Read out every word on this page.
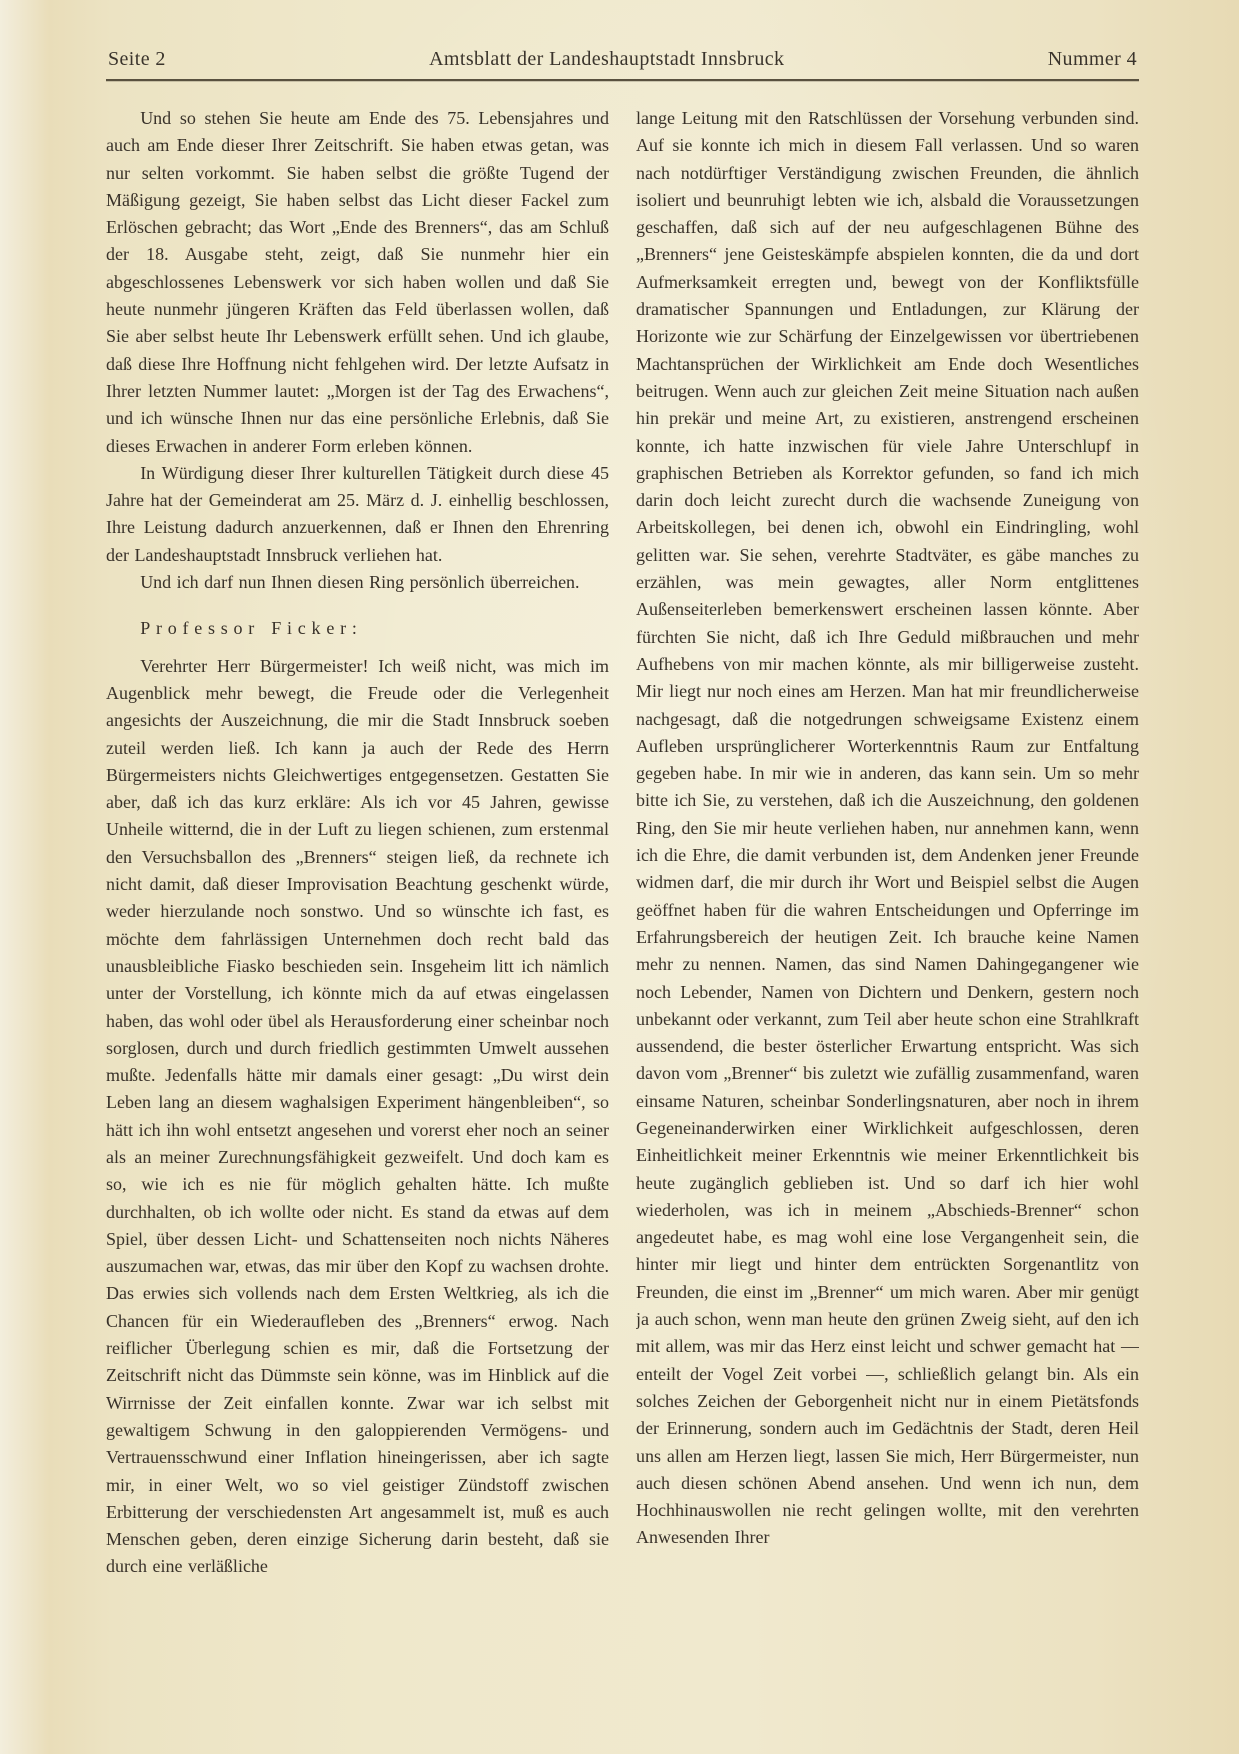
Seite 2	Amtsblatt der Landeshauptstadt Innsbruck	Nummer 4

Und so stehen Sie heute am Ende des 75. Lebensjahres und auch am Ende dieser Ihrer Zeitschrift. Sie haben etwas getan, was nur selten vorkommt. Sie haben selbst die größte Tugend der Mäßigung gezeigt, Sie haben selbst das Licht dieser Fackel zum Erlöschen gebracht; das Wort „Ende des Brenners“, das am Schluß der 18. Ausgabe steht, zeigt, daß Sie nunmehr hier ein abgeschlossenes Lebenswerk vor sich haben wollen und daß Sie heute nunmehr jüngeren Kräften das Feld überlassen wollen, daß Sie aber selbst heute Ihr Lebenswerk erfüllt sehen. Und ich glaube, daß diese Ihre Hoffnung nicht fehlgehen wird. Der letzte Aufsatz in Ihrer letzten Nummer lautet: „Morgen ist der Tag des Erwachens“, und ich wünsche Ihnen nur das eine persönliche Erlebnis, daß Sie dieses Erwachen in anderer Form erleben können.

In Würdigung dieser Ihrer kulturellen Tätigkeit durch diese 45 Jahre hat der Gemeinderat am 25. März d. J. einhellig beschlossen, Ihre Leistung dadurch anzuerkennen, daß er Ihnen den Ehrenring der Landeshauptstadt Innsbruck verliehen hat.

Und ich darf nun Ihnen diesen Ring persönlich überreichen.

Professor Ficker:

Verehrter Herr Bürgermeister! Ich weiß nicht, was mich im Augenblick mehr bewegt, die Freude oder die Verlegenheit angesichts der Auszeichnung, die mir die Stadt Innsbruck soeben zuteil werden ließ. Ich kann ja auch der Rede des Herrn Bürgermeisters nichts Gleichwertiges entgegensetzen. Gestatten Sie aber, daß ich das kurz erkläre: Als ich vor 45 Jahren, gewisse Unheile witternd, die in der Luft zu liegen schienen, zum erstenmal den Versuchsballon des „Brenners“ steigen ließ, da rechnete ich nicht damit, daß dieser Improvisation Beachtung geschenkt würde, weder hierzulande noch sonstwo. Und so wünschte ich fast, es möchte dem fahrlässigen Unternehmen doch recht bald das unausbleibliche Fiasko beschieden sein. Insgeheim litt ich nämlich unter der Vorstellung, ich könnte mich da auf etwas eingelassen haben, das wohl oder übel als Herausforderung einer scheinbar noch sorglosen, durch und durch friedlich gestimmten Umwelt aussehen mußte. Jedenfalls hätte mir damals einer gesagt: „Du wirst dein Leben lang an diesem waghalsigen Experiment hängenbleiben“, so hätt ich ihn wohl entsetzt angesehen und vorerst eher noch an seiner als an meiner Zurechnungsfähigkeit gezweifelt. Und doch kam es so, wie ich es nie für möglich gehalten hätte. Ich mußte durchhalten, ob ich wollte oder nicht. Es stand da etwas auf dem Spiel, über dessen Licht- und Schattenseiten noch nichts Näheres auszumachen war, etwas, das mir über den Kopf zu wachsen drohte. Das erwies sich vollends nach dem Ersten Weltkrieg, als ich die Chancen für ein Wiederaufleben des „Brenners“ erwog. Nach reiflicher Überlegung schien es mir, daß die Fortsetzung der Zeitschrift nicht das Dümmste sein könne, was im Hinblick auf die Wirrnisse der Zeit einfallen konnte. Zwar war ich selbst mit gewaltigem Schwung in den galoppierenden Vermögens- und Vertrauensschwund einer Inflation hineingerissen, aber ich sagte mir, in einer Welt, wo so viel geistiger Zündstoff zwischen Erbitterung der verschiedensten Art angesammelt ist, muß es auch Menschen geben, deren einzige Sicherung darin besteht, daß sie durch eine verläßliche

lange Leitung mit den Ratschlüssen der Vorsehung verbunden sind. Auf sie konnte ich mich in diesem Fall verlassen. Und so waren nach notdürftiger Verständigung zwischen Freunden, die ähnlich isoliert und beunruhigt lebten wie ich, alsbald die Voraussetzungen geschaffen, daß sich auf der neu aufgeschlagenen Bühne des „Brenners“ jene Geisteskämpfe abspielen konnten, die da und dort Aufmerksamkeit erregten und, bewegt von der Konfliktsfülle dramatischer Spannungen und Entladungen, zur Klärung der Horizonte wie zur Schärfung der Einzelgewissen vor übertriebenen Machtansprüchen der Wirklichkeit am Ende doch Wesentliches beitrugen. Wenn auch zur gleichen Zeit meine Situation nach außen hin prekär und meine Art, zu existieren, anstrengend erscheinen konnte, ich hatte inzwischen für viele Jahre Unterschlupf in graphischen Betrieben als Korrektor gefunden, so fand ich mich darin doch leicht zurecht durch die wachsende Zuneigung von Arbeitskollegen, bei denen ich, obwohl ein Eindringling, wohl gelitten war. Sie sehen, verehrte Stadtväter, es gäbe manches zu erzählen, was mein gewagtes, aller Norm entglittenes Außenseiterleben bemerkenswert erscheinen lassen könnte. Aber fürchten Sie nicht, daß ich Ihre Geduld mißbrauchen und mehr Aufhebens von mir machen könnte, als mir billigerweise zusteht. Mir liegt nur noch eines am Herzen. Man hat mir freundlicherweise nachgesagt, daß die notgedrungen schweigsame Existenz einem Aufleben ursprünglicherer Worterkenntnis Raum zur Entfaltung gegeben habe. In mir wie in anderen, das kann sein. Um so mehr bitte ich Sie, zu verstehen, daß ich die Auszeichnung, den goldenen Ring, den Sie mir heute verliehen haben, nur annehmen kann, wenn ich die Ehre, die damit verbunden ist, dem Andenken jener Freunde widmen darf, die mir durch ihr Wort und Beispiel selbst die Augen geöffnet haben für die wahren Entscheidungen und Opferringe im Erfahrungsbereich der heutigen Zeit. Ich brauche keine Namen mehr zu nennen. Namen, das sind Namen Dahingegangener wie noch Lebender, Namen von Dichtern und Denkern, gestern noch unbekannt oder verkannt, zum Teil aber heute schon eine Strahlkraft aussendend, die bester österlicher Erwartung entspricht. Was sich davon vom „Brenner“ bis zuletzt wie zufällig zusammenfand, waren einsame Naturen, scheinbar Sonderlingsnaturen, aber noch in ihrem Gegeneinanderwirken einer Wirklichkeit aufgeschlossen, deren Einheitlichkeit meiner Erkenntnis wie meiner Erkenntlichkeit bis heute zugänglich geblieben ist. Und so darf ich hier wohl wiederholen, was ich in meinem „Abschieds-Brenner“ schon angedeutet habe, es mag wohl eine lose Vergangenheit sein, die hinter mir liegt und hinter dem entrückten Sorgenantlitz von Freunden, die einst im „Brenner“ um mich waren. Aber mir genügt ja auch schon, wenn man heute den grünen Zweig sieht, auf den ich mit allem, was mir das Herz einst leicht und schwer gemacht hat — enteilt der Vogel Zeit vorbei —, schließlich gelangt bin. Als ein solches Zeichen der Geborgenheit nicht nur in einem Pietätsfonds der Erinnerung, sondern auch im Gedächtnis der Stadt, deren Heil uns allen am Herzen liegt, lassen Sie mich, Herr Bürgermeister, nun auch diesen schönen Abend ansehen. Und wenn ich nun, dem Hochhinauswollen nie recht gelingen wollte, mit den verehrten Anwesenden Ihrer
